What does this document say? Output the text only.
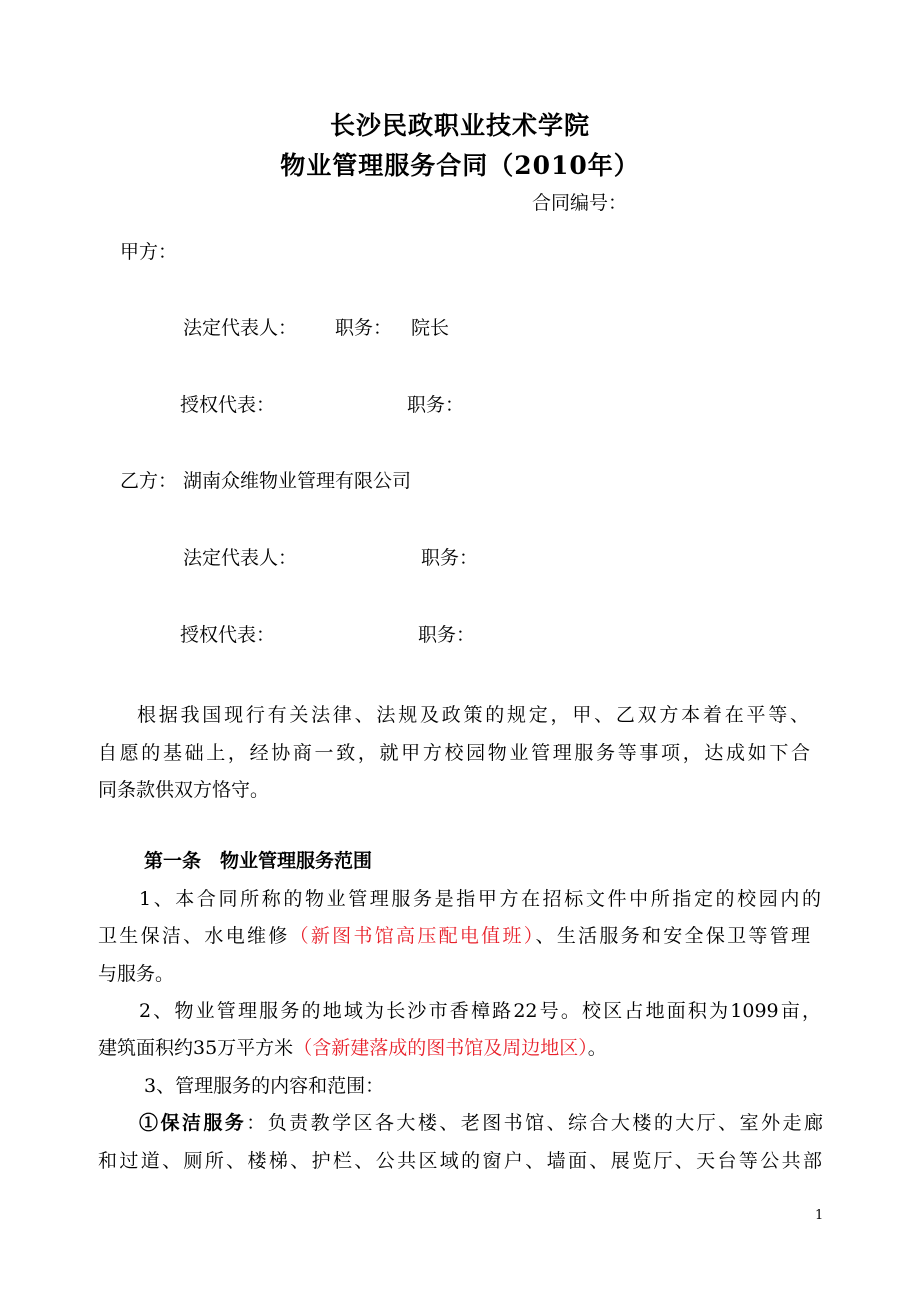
长沙民政职业技术学院
物业管理服务合同（2010年）
合同编号：
甲方：
法定代表人： 职务： 院长
授权代表：	职务：
乙方： 湖南众维物业管理有限公司
法定代表人：	职务：
授权代表：	职务：
根据我国现行有关法律、法规及政策的规定，甲、乙双方本着在平等、
自愿的基础上，经协商一致，就甲方校园物业管理服务等事项，达成如下合
同条款供双方恪守。
第一条　物业管理服务范围
1、本合同所称的物业管理服务是指甲方在招标文件中所指定的校园内的
卫生保洁、水电维修（新图书馆高压配电值班）、生活服务和安全保卫等管理
与服务。
2、物业管理服务的地域为长沙市香樟路22号。校区占地面积为1099亩，
建筑面积约35万平方米（含新建落成的图书馆及周边地区）。
3、管理服务的内容和范围：
①保洁服务：负责教学区各大楼、老图书馆、综合大楼的大厅、室外走廊
和过道、厕所、楼梯、护栏、公共区域的窗户、墙面、展览厅、天台等公共部
1
